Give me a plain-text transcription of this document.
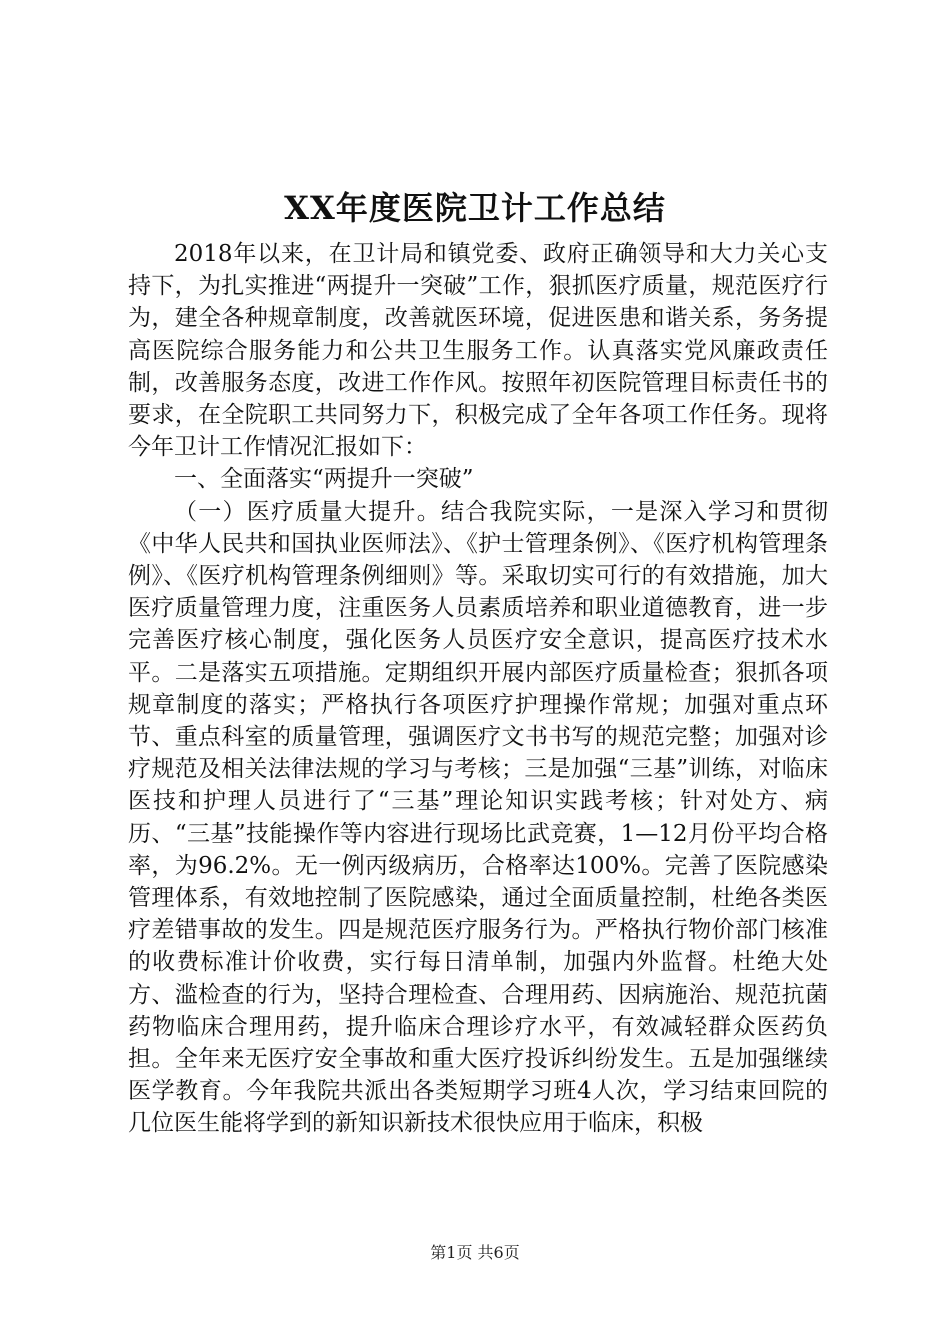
XX年度医院卫计工作总结

2018年以来，在卫计局和镇党委、政府正确领导和大力关心支持下，为扎实推进“两提升一突破”工作，狠抓医疗质量，规范医疗行为，建全各种规章制度，改善就医环境，促进医患和谐关系，务务提高医院综合服务能力和公共卫生服务工作。认真落实党风廉政责任制，改善服务态度，改进工作作风。按照年初医院管理目标责任书的要求，在全院职工共同努力下，积极完成了全年各项工作任务。现将今年卫计工作情况汇报如下：

一、全面落实“两提升一突破”

（一）医疗质量大提升。结合我院实际，一是深入学习和贯彻《中华人民共和国执业医师法》、《护士管理条例》、《医疗机构管理条例》、《医疗机构管理条例细则》等。采取切实可行的有效措施，加大医疗质量管理力度，注重医务人员素质培养和职业道德教育，进一步完善医疗核心制度，强化医务人员医疗安全意识，提高医疗技术水平。二是落实五项措施。定期组织开展内部医疗质量检查；狠抓各项规章制度的落实；严格执行各项医疗护理操作常规；加强对重点环节、重点科室的质量管理，强调医疗文书书写的规范完整；加强对诊疗规范及相关法律法规的学习与考核；三是加强“三基”训练，对临床医技和护理人员进行了“三基”理论知识实践考核；针对处方、病历、“三基”技能操作等内容进行现场比武竞赛，1—12月份平均合格率，为96.2%。无一例丙级病历，合格率达100%。完善了医院感染管理体系，有效地控制了医院感染，通过全面质量控制，杜绝各类医疗差错事故的发生。四是规范医疗服务行为。严格执行物价部门核准的收费标准计价收费，实行每日清单制，加强内外监督。杜绝大处方、滥检查的行为，坚持合理检查、合理用药、因病施治、规范抗菌药物临床合理用药，提升临床合理诊疗水平，有效减轻群众医药负担。全年来无医疗安全事故和重大医疗投诉纠纷发生。五是加强继续医学教育。今年我院共派出各类短期学习班4人次，学习结束回院的几位医生能将学到的新知识新技术很快应用于临床，积极

第1页 共6页
